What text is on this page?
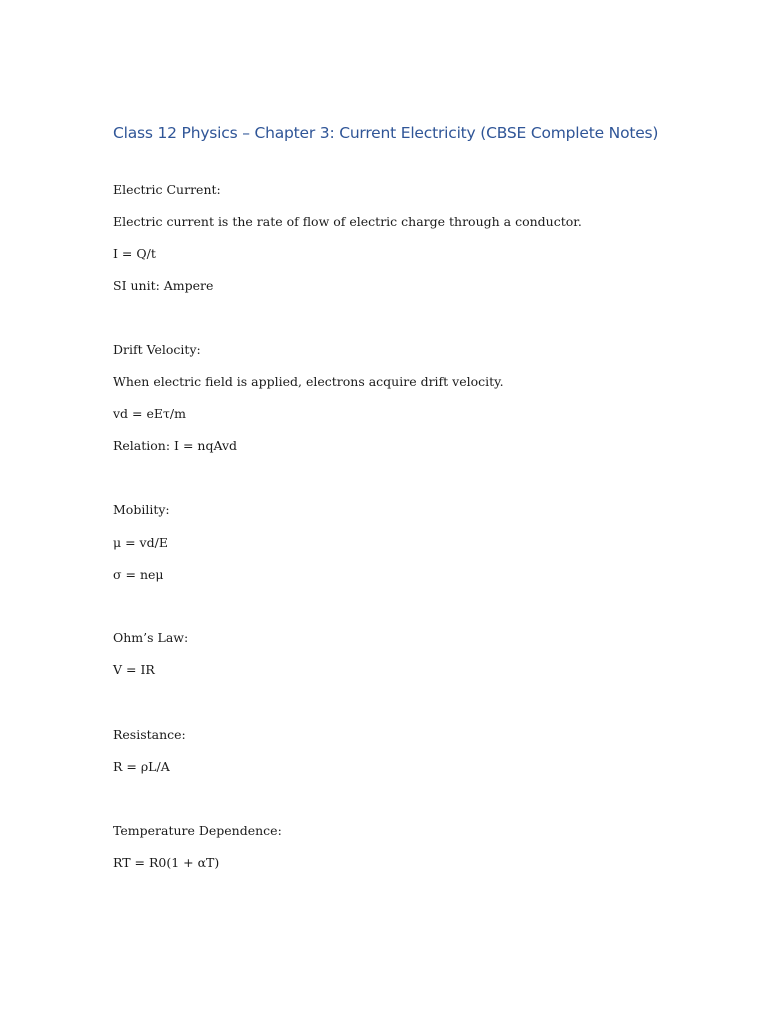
Class 12 Physics – Chapter 3: Current Electricity (CBSE Complete Notes)

Electric Current:

Electric current is the rate of flow of electric charge through a conductor.

I = Q/t

SI unit: Ampere

Drift Velocity:

When electric field is applied, electrons acquire drift velocity.

vd = eEτ/m

Relation: I = nqAvd

Mobility:

μ = vd/E

σ = neμ

Ohm’s Law:

V = IR

Resistance:

R = ρL/A

Temperature Dependence:

RT = R0(1 + αT)
